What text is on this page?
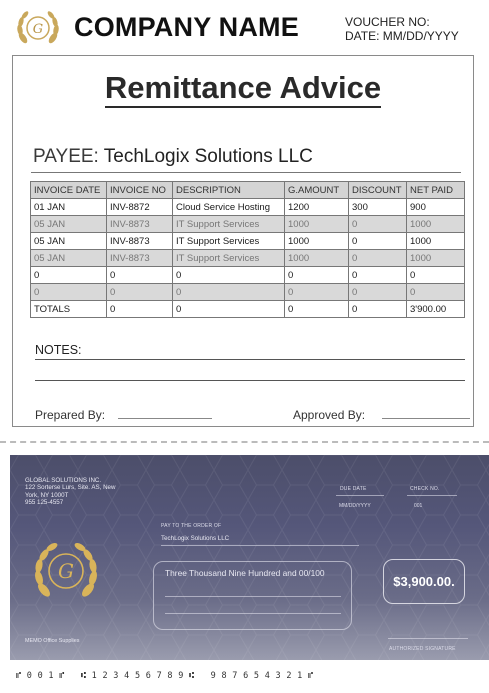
G COMPANY NAME	VOUCHER NO:
DATE: MM/DD/YYYY
Remittance Advice
PAYEE: TechLogix Solutions LLC
INVOICE DATE	INVOICE NO	DESCRIPTION	G.AMOUNT	DISCOUNT	NET PAID
01 JAN	INV-8872	Cloud Service Hosting	1200	300	900
05 JAN	INV-8873	IT Support Services	1000	0	1000
05 JAN	INV-8873	IT Support Services	1000	0	1000
05 JAN	INV-8873	IT Support Services	1000	0	1000
0	0	0	0	0	0
0	0	0	0	0	0
TOTALS	0	0	0	0	3'900.00
NOTES:
Prepared By:	Approved By:
GLOBAL SOLUTIONS INC.
122 Sorterse Lurs, Site. AS, New
York, NY 1000T
955 125-4557
DUE DATE
MM/DD/YYYY
CHECK NO.
001
PAY TO THE ORDER OF
TechLogix Solutions LLC
G	Three Thousand Nine Hundred and 00/100
$3,900.00.
MEMO Office Supplies
AUTHORIZED SIGNATURE
⑈001⑈ ⑆123456789⑆ 987654321⑈
